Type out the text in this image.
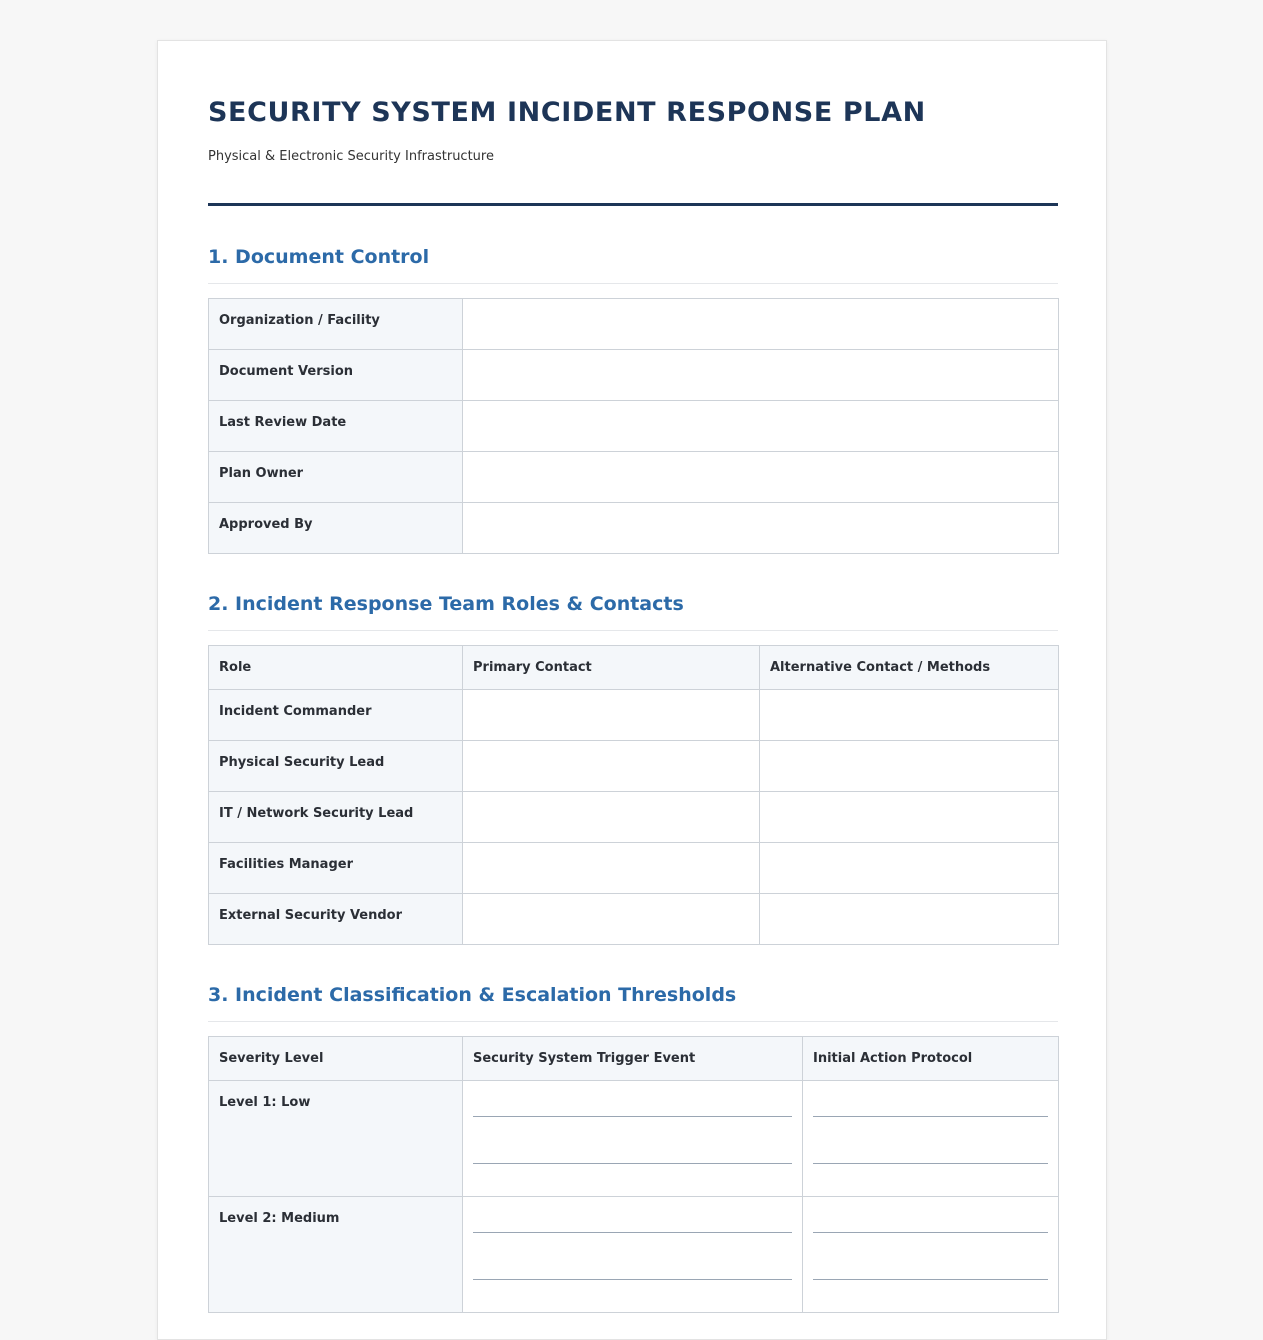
SECURITY SYSTEM INCIDENT RESPONSE PLAN
Physical & Electronic Security Infrastructure
1. Document Control
Organization / Facility	
Document Version	
Last Review Date	
Plan Owner	
Approved By	
2. Incident Response Team Roles & Contacts
Role	Primary Contact	Alternative Contact / Methods
Incident Commander		
Physical Security Lead		
IT / Network Security Lead		
Facilities Manager		
External Security Vendor		
3. Incident Classification & Escalation Thresholds
Severity Level	Security System Trigger Event	Initial Action Protocol
Level 1: Low	

Level 2: Medium	
